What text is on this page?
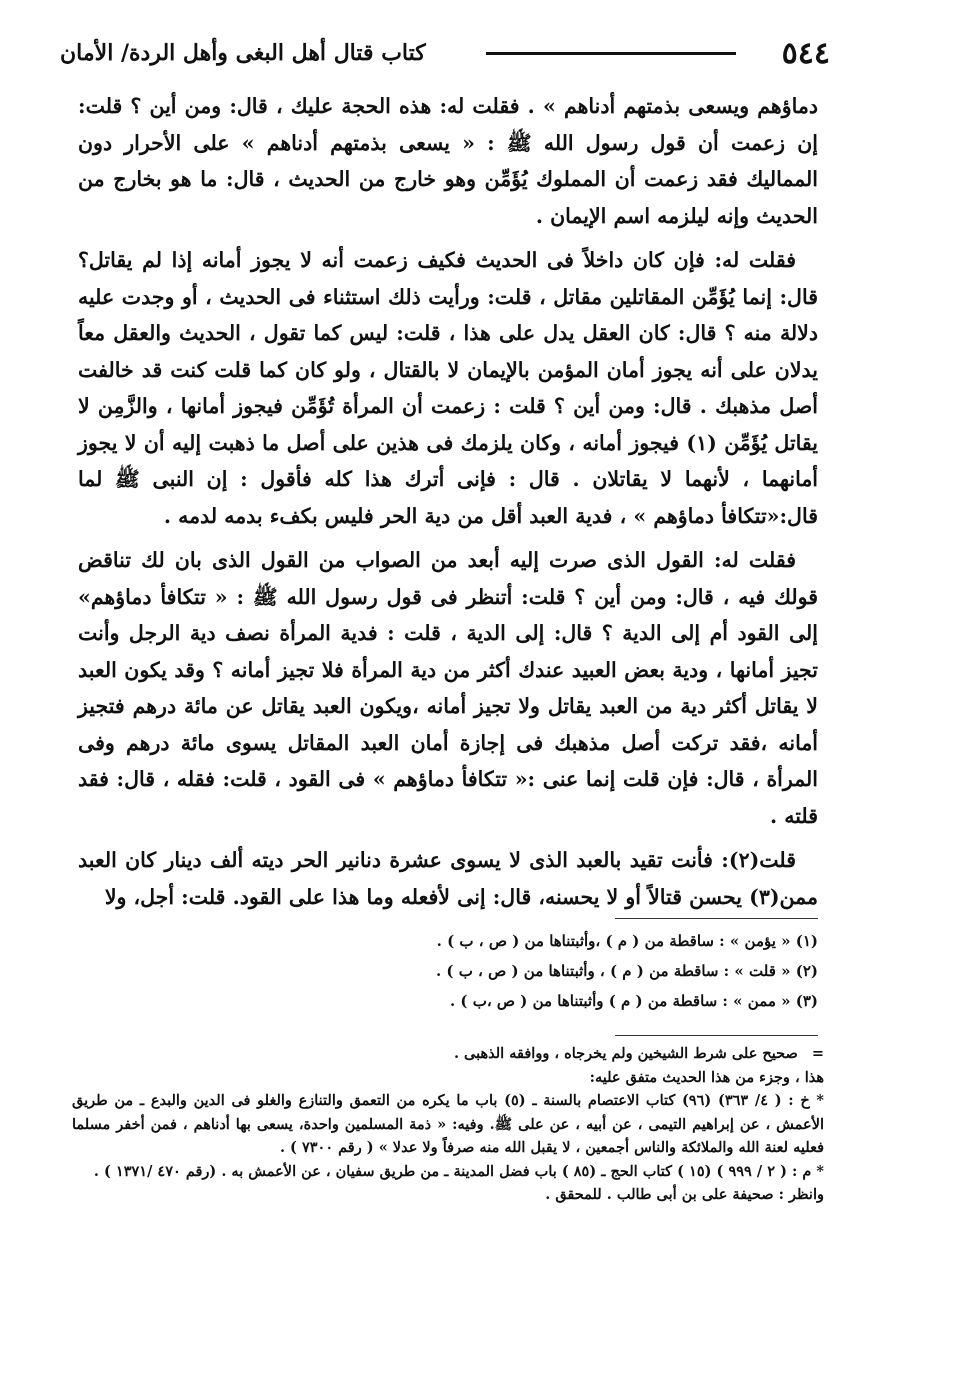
٥٤٤
كتاب قتال أهل البغى وأهل الردة/ الأمان

دماؤهم ويسعى بذمتهم أدناهم » . فقلت له: هذه الحجة عليك ، قال: ومن أين ؟ قلت: إن زعمت أن قول رسول الله ﷺ : « يسعى بذمتهم أدناهم » على الأحرار دون المماليك فقد زعمت أن المملوك يُؤَمِّن وهو خارج من الحديث ، قال: ما هو بخارج من الحديث وإنه ليلزمه اسم الإيمان .

فقلت له: فإن كان داخلاً فى الحديث فكيف زعمت أنه لا يجوز أمانه إذا لم يقاتل؟ قال: إنما يُؤَمِّن المقاتلين مقاتل ، قلت: ورأيت ذلك استثناء فى الحديث ، أو وجدت عليه دلالة منه ؟ قال: كان العقل يدل على هذا ، قلت: ليس كما تقول ، الحديث والعقل معاً يدلان على أنه يجوز أمان المؤمن بالإيمان لا بالقتال ، ولو كان كما قلت كنت قد خالفت أصل مذهبك . قال: ومن أين ؟ قلت : زعمت أن المرأة تُؤَمِّن فيجوز أمانها ، والزَّمِن لا يقاتل يُؤَمِّن (١) فيجوز أمانه ، وكان يلزمك فى هذين على أصل ما ذهبت إليه أن لا يجوز أمانهما ، لأنهما لا يقاتلان . قال : فإنى أترك هذا كله فأقول : إن النبى ﷺ لما قال:«تتكافأ دماؤهم » ، فدية العبد أقل من دية الحر فليس بكفء بدمه لدمه .

فقلت له: القول الذى صرت إليه أبعد من الصواب من القول الذى بان لك تناقض قولك فيه ، قال: ومن أين ؟ قلت: أتنظر فى قول رسول الله ﷺ : « تتكافأ دماؤهم» إلى القود أم إلى الدية ؟ قال: إلى الدية ، قلت : فدية المرأة نصف دية الرجل وأنت تجيز أمانها ، ودية بعض العبيد عندك أكثر من دية المرأة فلا تجيز أمانه ؟ وقد يكون العبد لا يقاتل أكثر دية من العبد يقاتل ولا تجيز أمانه ،ويكون العبد يقاتل عن مائة درهم فتجيز أمانه ،فقد تركت أصل مذهبك فى إجازة أمان العبد المقاتل يسوى مائة درهم وفى المرأة ، قال: فإن قلت إنما عنى :« تتكافأ دماؤهم » فى القود ، قلت: فقله ، قال: فقد قلته .

قلت(٢): فأنت تقيد بالعبد الذى لا يسوى عشرة دنانير الحر ديته ألف دينار كان العبد ممن(٣) يحسن قتالاً أو لا يحسنه، قال: إنى لأفعله وما هذا على القود. قلت: أجل، ولا

(١) « يؤمن » : ساقطة من ( م ) ،وأثبتناها من ( ص ، ب ) .

(٢) « قلت » : ساقطة من ( م ) ، وأثبتناها من ( ص ، ب ) .

(٣) « ممن » : ساقطة من ( م ) وأثبتناها من ( ص ،ب ) .

=صحيح على شرط الشيخين ولم يخرجاه ، ووافقه الذهبى .

هذا ، وجزء من هذا الحديث متفق عليه:

* خ : ( ٤/ ٣٦٣) (٩٦) كتاب الاعتصام بالسنة ـ (٥) باب ما يكره من التعمق والتنازع والغلو فى الدين والبدع ـ من طريق الأعمش ، عن إبراهيم التيمى ، عن أبيه ، عن على ﷺ. وفيه: « ذمة المسلمين واحدة، يسعى بها أدناهم ، فمن أخفر مسلما فعليه لعنة الله والملائكة والناس أجمعين ، لا يقبل الله منه صرفاً ولا عدلا » ( رقم ٧٣٠٠ ) .

* م : ( ٢ / ٩٩٩ ) (١٥ ) كتاب الحج ـ (٨٥ ) باب فضل المدينة ـ من طريق سفيان ، عن الأعمش به . (رقم ٤٧٠ /١٣٧١ ) .

وانظر : صحيفة على بن أبى طالب . للمحقق .
